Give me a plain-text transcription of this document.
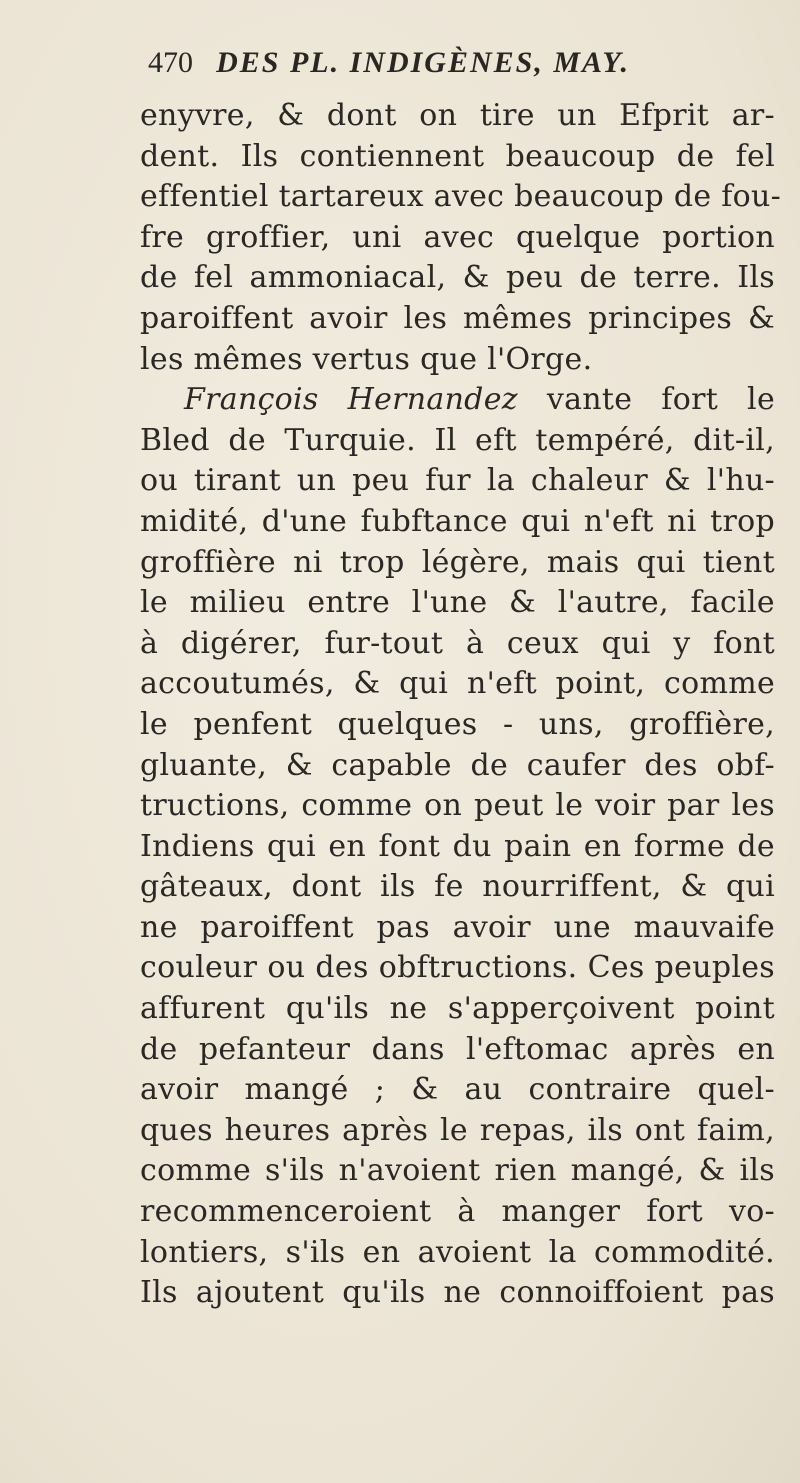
470 DES PL. INDIGÈNES, MAY.
enyvre, & dont on tire un Efprit ar-
dent. Ils contiennent beaucoup de fel
effentiel tartareux avec beaucoup de fou-
fre groffier, uni avec quelque portion
de fel ammoniacal, & peu de terre. Ils
paroiffent avoir les mêmes principes &
les mêmes vertus que l'Orge.
François Hernandez vante fort le
Bled de Turquie. Il eft tempéré, dit-il,
ou tirant un peu fur la chaleur & l'hu-
midité, d'une fubftance qui n'eft ni trop
groffière ni trop légère, mais qui tient
le milieu entre l'une & l'autre, facile
à digérer, fur-tout à ceux qui y font
accoutumés, & qui n'eft point, comme
le penfent quelques - uns, groffière,
gluante, & capable de caufer des obf-
tructions, comme on peut le voir par les
Indiens qui en font du pain en forme de
gâteaux, dont ils fe nourriffent, & qui
ne paroiffent pas avoir une mauvaife
couleur ou des obftructions. Ces peuples
affurent qu'ils ne s'apperçoivent point
de pefanteur dans l'eftomac après en
avoir mangé ; & au contraire quel-
ques heures après le repas, ils ont faim,
comme s'ils n'avoient rien mangé, & ils
recommenceroient à manger fort vo-
lontiers, s'ils en avoient la commodité.
Ils ajoutent qu'ils ne connoiffoient pas
